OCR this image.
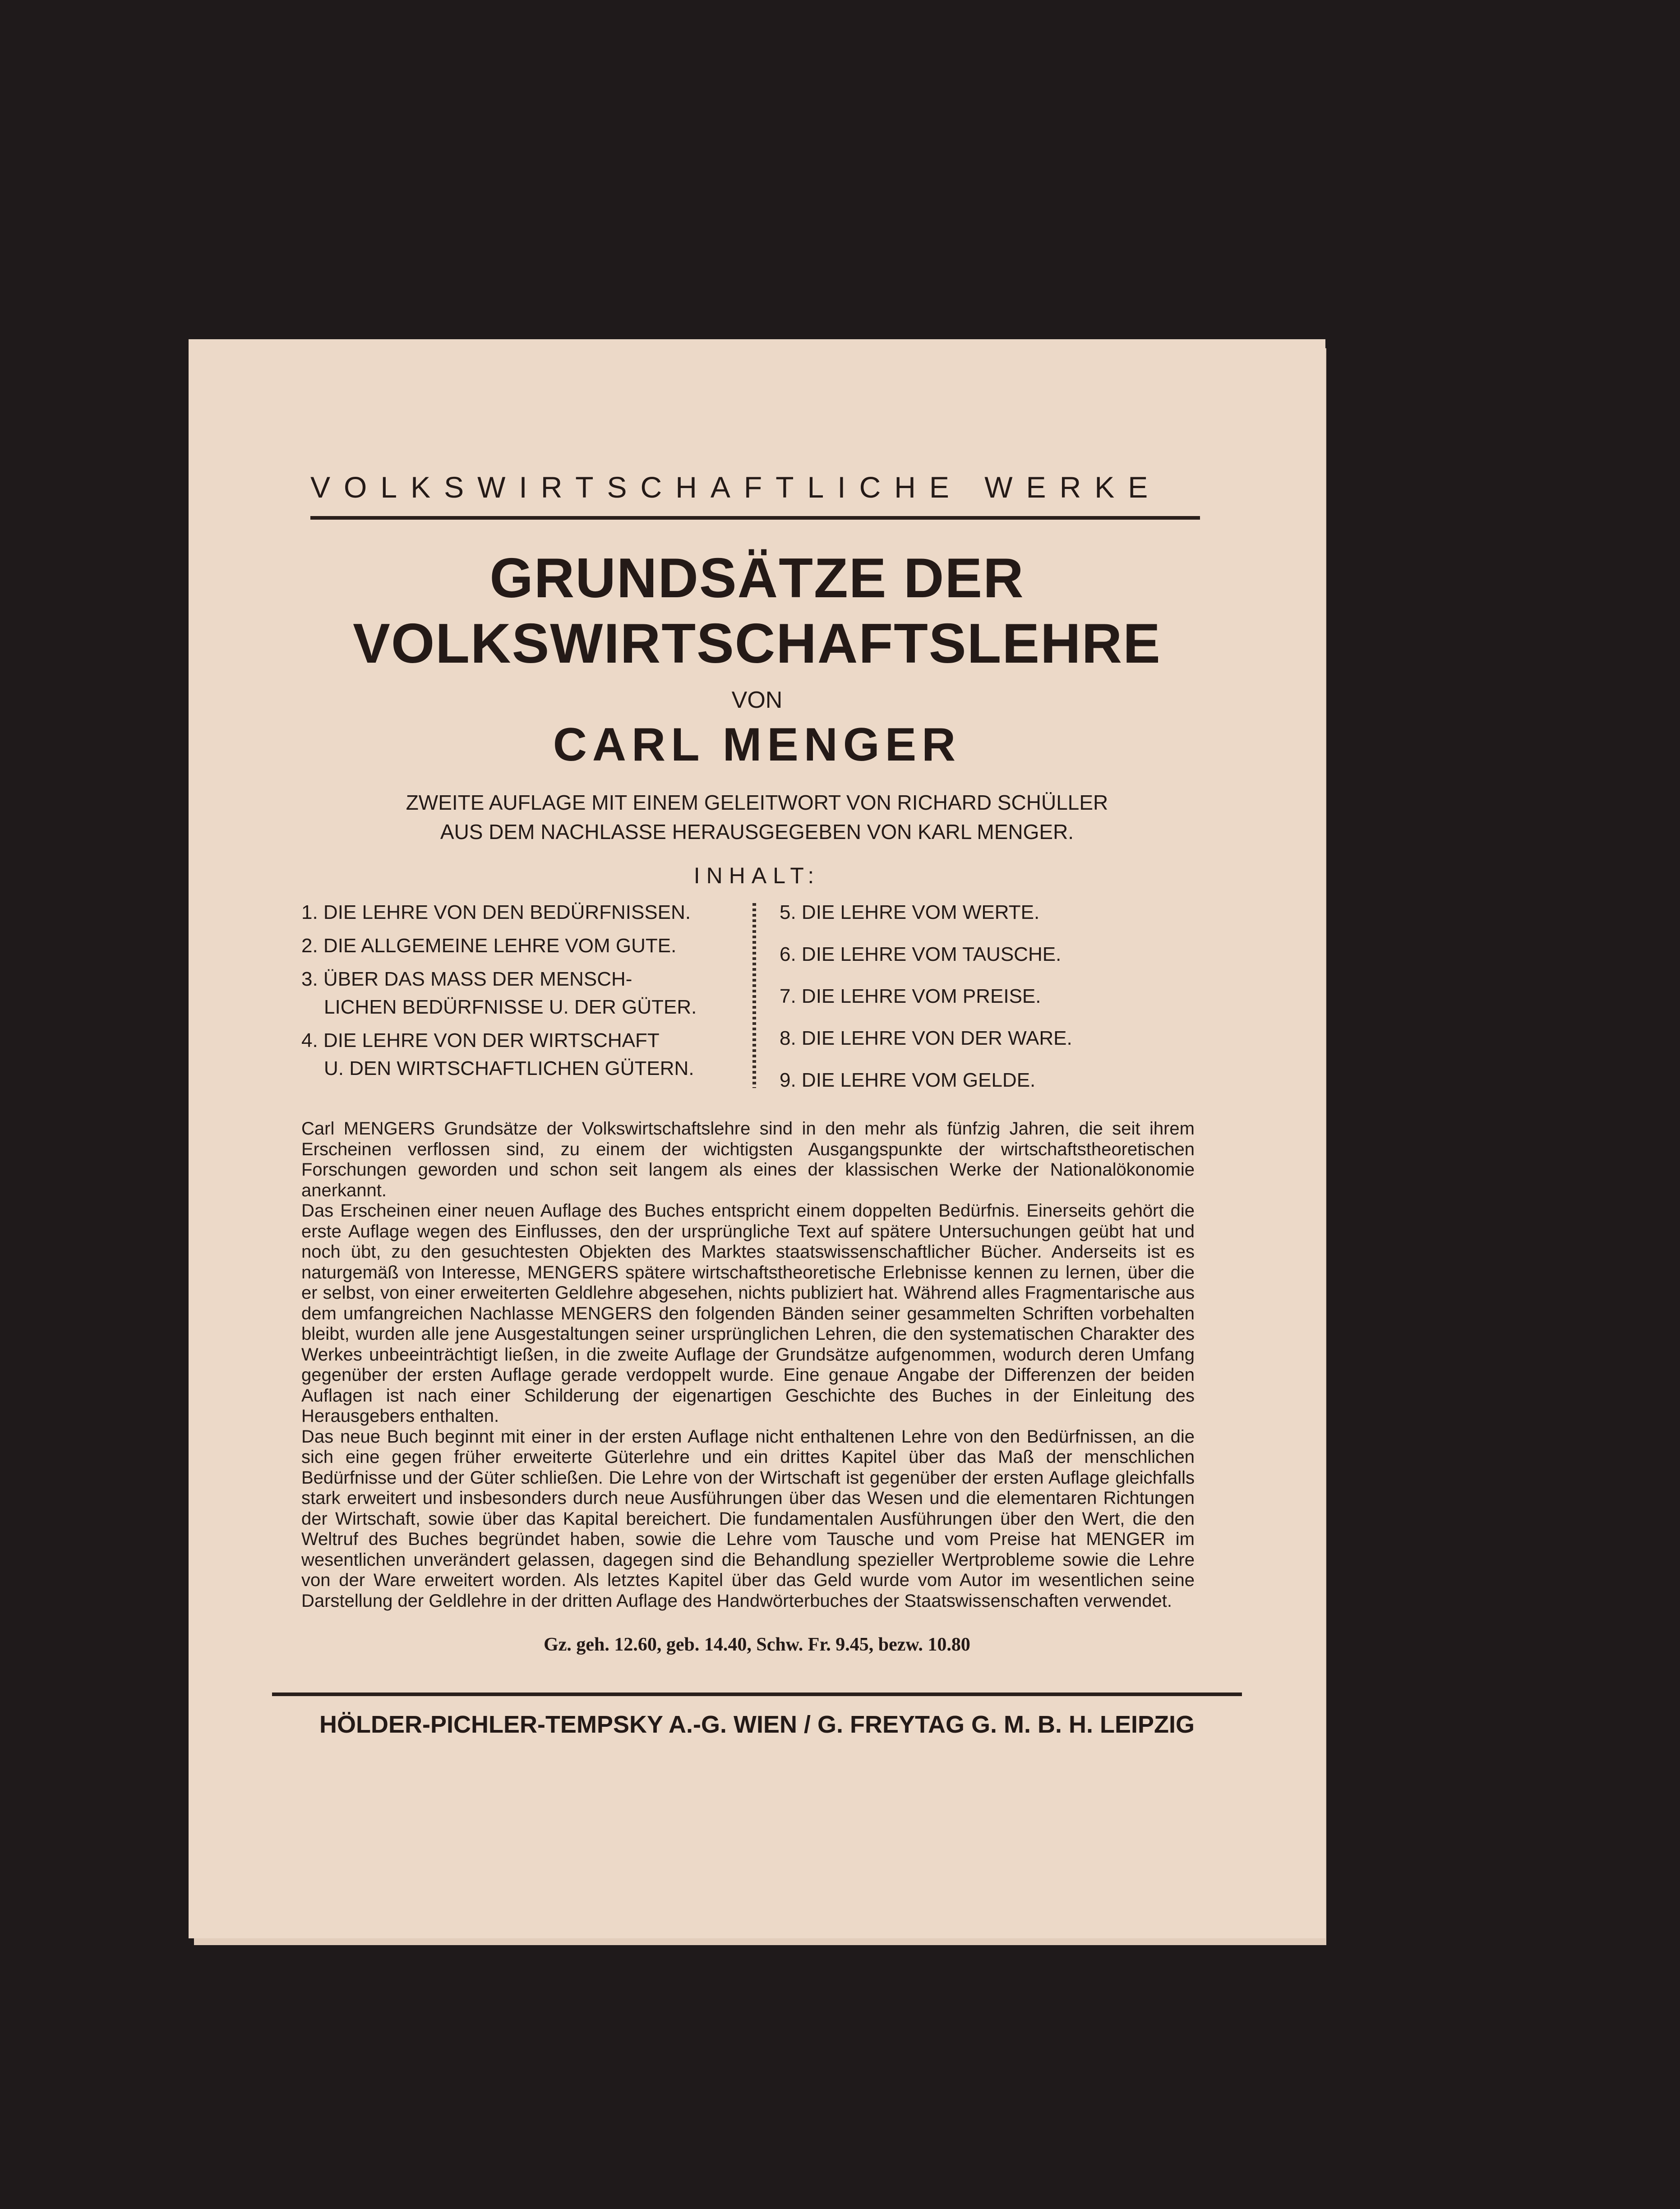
VOLKSWIRTSCHAFTLICHE WERKE
GRUNDSÄTZE DER
VOLKSWIRTSCHAFTSLEHRE
VON
CARL MENGER
ZWEITE AUFLAGE MIT EINEM GELEITWORT VON RICHARD SCHÜLLER
AUS DEM NACHLASSE HERAUSGEGEBEN VON KARL MENGER.
INHALT:
1. DIE LEHRE VON DEN BEDÜRFNISSEN.
2. DIE ALLGEMEINE LEHRE VOM GUTE.
3. ÜBER DAS MASS DER MENSCH-
LICHEN BEDÜRFNISSE U. DER GÜTER.
4. DIE LEHRE VON DER WIRTSCHAFT
U. DEN WIRTSCHAFTLICHEN GÜTERN.
5. DIE LEHRE VOM WERTE.
6. DIE LEHRE VOM TAUSCHE.
7. DIE LEHRE VOM PREISE.
8. DIE LEHRE VON DER WARE.
9. DIE LEHRE VOM GELDE.

Carl MENGERS Grundsätze der Volkswirtschaftslehre sind in den mehr als fünfzig Jahren, die seit ihrem Erscheinen verflossen sind, zu einem der wichtigsten Ausgangspunkte der wirtschaftstheoretischen Forschungen geworden und schon seit langem als eines der klassischen Werke der Nationalökonomie anerkannt.

Das Erscheinen einer neuen Auflage des Buches entspricht einem doppelten Bedürfnis. Einerseits gehört die erste Auflage wegen des Einflusses, den der ursprüngliche Text auf spätere Untersuchungen geübt hat und noch übt, zu den gesuchtesten Objekten des Marktes staatswissenschaftlicher Bücher. Anderseits ist es naturgemäß von Interesse, MENGERS spätere wirtschaftstheoretische Erlebnisse kennen zu lernen, über die er selbst, von einer erweiterten Geldlehre abgesehen, nichts publiziert hat. Während alles Fragmentarische aus dem umfangreichen Nachlasse MENGERS den folgenden Bänden seiner gesammelten Schriften vorbehalten bleibt, wurden alle jene Ausgestaltungen seiner ursprünglichen Lehren, die den systematischen Charakter des Werkes unbeeinträchtigt ließen, in die zweite Auflage der Grundsätze aufgenommen, wodurch deren Umfang gegenüber der ersten Auflage gerade verdoppelt wurde. Eine genaue Angabe der Differenzen der beiden Auflagen ist nach einer Schilderung der eigenartigen Geschichte des Buches in der Einleitung des Herausgebers enthalten.

Das neue Buch beginnt mit einer in der ersten Auflage nicht enthaltenen Lehre von den Bedürfnissen, an die sich eine gegen früher erweiterte Güterlehre und ein drittes Kapitel über das Maß der menschlichen Bedürfnisse und der Güter schließen. Die Lehre von der Wirtschaft ist gegenüber der ersten Auflage gleichfalls stark erweitert und insbesonders durch neue Ausführungen über das Wesen und die elementaren Richtungen der Wirtschaft, sowie über das Kapital bereichert. Die fundamentalen Ausführungen über den Wert, die den Weltruf des Buches begründet haben, sowie die Lehre vom Tausche und vom Preise hat MENGER im wesentlichen unverändert gelassen, dagegen sind die Behandlung spezieller Wertprobleme sowie die Lehre von der Ware erweitert worden. Als letztes Kapitel über das Geld wurde vom Autor im wesentlichen seine Darstellung der Geldlehre in der dritten Auflage des Handwörterbuches der Staatswissenschaften verwendet.

Gz. geh. 12.60, geb. 14.40, Schw. Fr. 9.45, bezw. 10.80
HÖLDER-PICHLER-TEMPSKY A.-G. WIEN / G. FREYTAG G. M. B. H. LEIPZIG
